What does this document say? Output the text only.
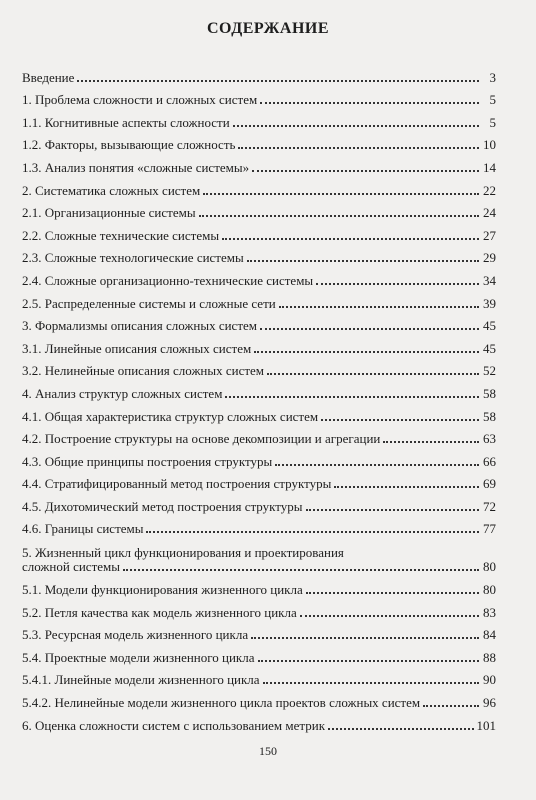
СОДЕРЖАНИЕ
Введение	3
1. Проблема сложности и сложных систем	5
1.1. Когнитивные аспекты сложности	5
1.2. Факторы, вызывающие сложность	10
1.3. Анализ понятия «сложные системы»	14
2. Систематика сложных систем	22
2.1. Организационные системы	24
2.2. Сложные технические системы	27
2.3. Сложные технологические системы	29
2.4. Сложные организационно-технические системы	34
2.5. Распределенные системы и сложные сети	39
3. Формализмы описания сложных систем	45
3.1. Линейные описания сложных систем	45
3.2. Нелинейные описания сложных систем	52
4. Анализ структур сложных систем	58
4.1. Общая характеристика структур сложных систем	58
4.2. Построение структуры на основе декомпозиции и агрегации	63
4.3. Общие принципы построения структуры	66
4.4. Стратифицированный метод построения структуры	69
4.5. Дихотомический метод построения структуры	72
4.6. Границы системы	77
5. Жизненный цикл функционирования и проектирования
сложной системы	80
5.1. Модели функционирования жизненного цикла	80
5.2. Петля качества как модель жизненного цикла	83
5.3. Ресурсная модель жизненного цикла	84
5.4. Проектные модели жизненного цикла	88
5.4.1. Линейные модели жизненного цикла	90
5.4.2. Нелинейные модели жизненного цикла проектов сложных систем	96
6. Оценка сложности систем с использованием метрик	101
150
